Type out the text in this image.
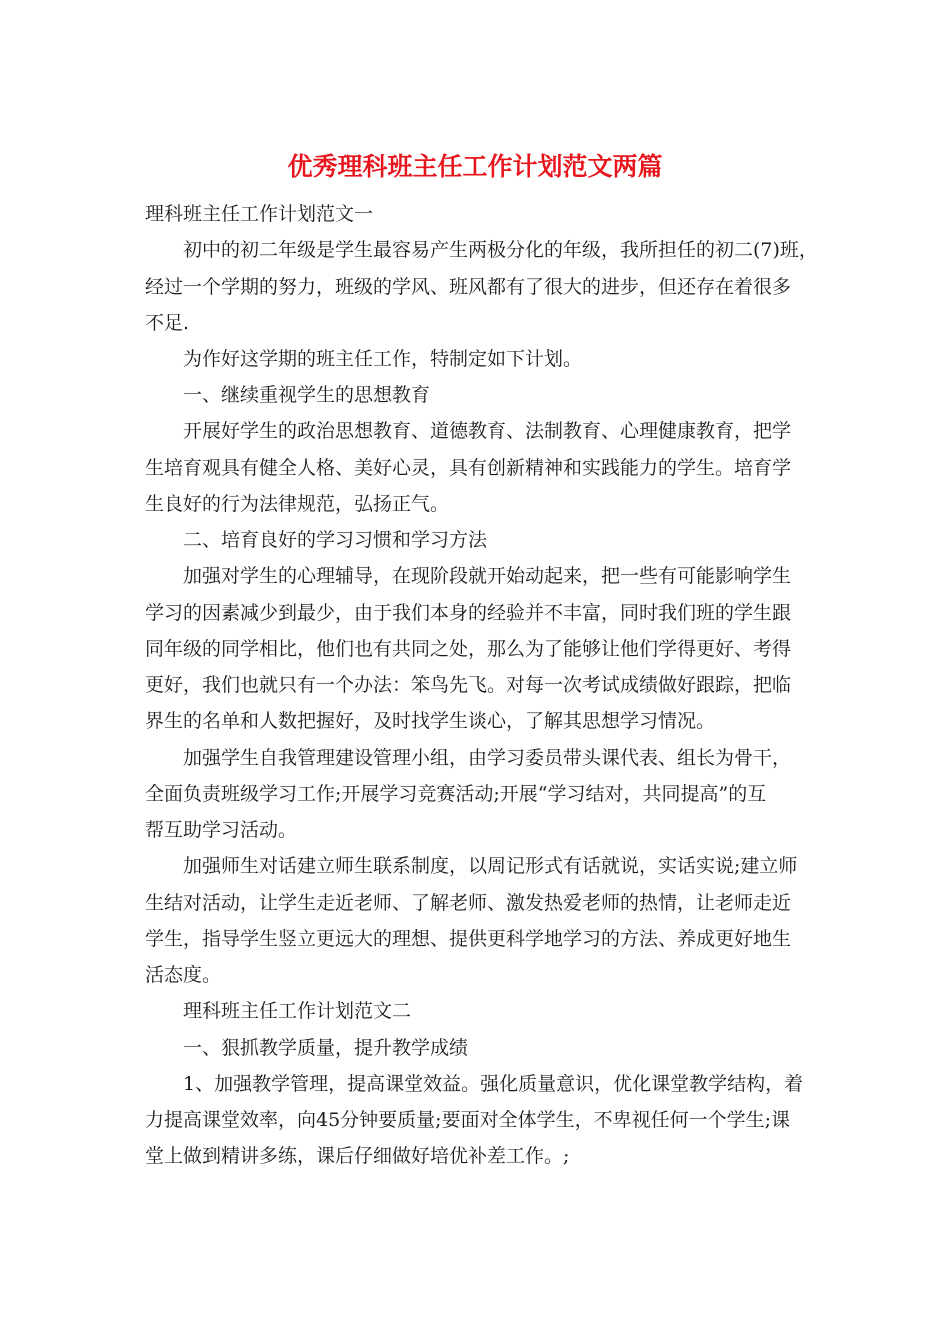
优秀理科班主任工作计划范文两篇

理科班主任工作计划范文一

初中的初二年级是学生最容易产生两极分化的年级，我所担任的初二(7)班，

经过一个学期的努力，班级的学风、班风都有了很大的进步，但还存在着很多

不足.

为作好这学期的班主任工作，特制定如下计划。

一、继续重视学生的思想教育

开展好学生的政治思想教育、道德教育、法制教育、心理健康教育，把学

生培育观具有健全人格、美好心灵，具有创新精神和实践能力的学生。培育学

生良好的行为法律规范，弘扬正气。

二、培育良好的学习习惯和学习方法

加强对学生的心理辅导，在现阶段就开始动起来，把一些有可能影响学生

学习的因素减少到最少，由于我们本身的经验并不丰富，同时我们班的学生跟

同年级的同学相比，他们也有共同之处，那么为了能够让他们学得更好、考得

更好，我们也就只有一个办法：笨鸟先飞。对每一次考试成绩做好跟踪，把临

界生的名单和人数把握好，及时找学生谈心，了解其思想学习情况。

加强学生自我管理建设管理小组，由学习委员带头课代表、组长为骨干，

全面负责班级学习工作;开展学习竞赛活动;开展“学习结对，共同提高”的互

帮互助学习活动。

加强师生对话建立师生联系制度，以周记形式有话就说，实话实说;建立师

生结对活动，让学生走近老师、了解老师、激发热爱老师的热情，让老师走近

学生，指导学生竖立更远大的理想、提供更科学地学习的方法、养成更好地生

活态度。

理科班主任工作计划范文二

一、狠抓教学质量，提升教学成绩

1、加强教学管理，提高课堂效益。强化质量意识，优化课堂教学结构，着

力提高课堂效率，向45分钟要质量;要面对全体学生，不卑视任何一个学生;课

堂上做到精讲多练，课后仔细做好培优补差工作。;
